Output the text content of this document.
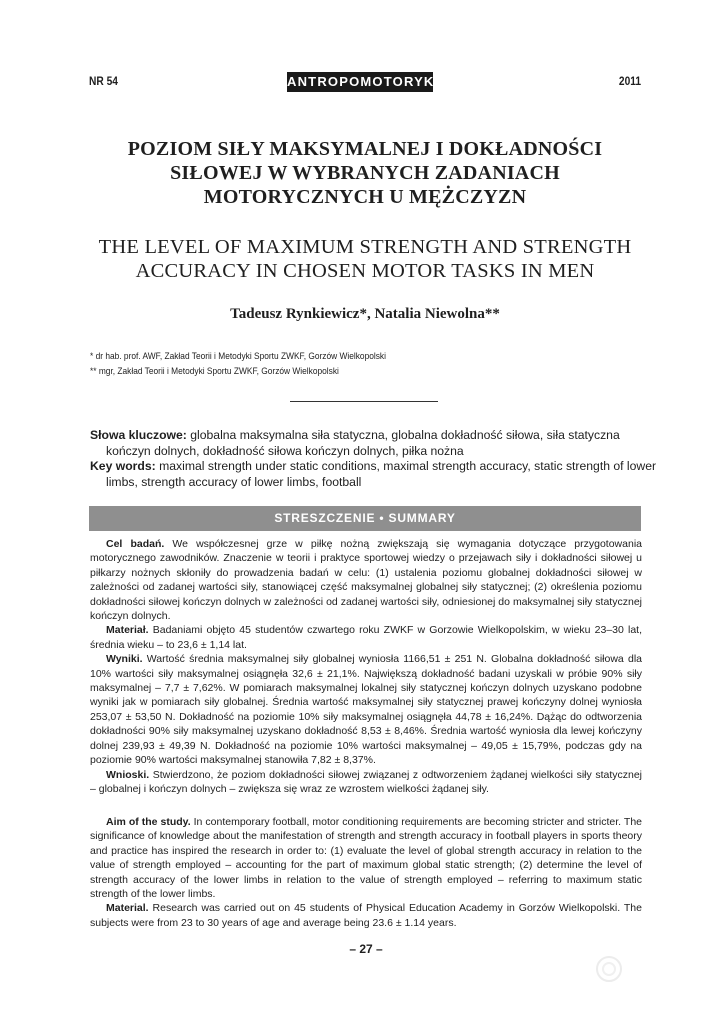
NR 54	ANTROPOMOTORYKA	2011
POZIOM SIŁY MAKSYMALNEJ I DOKŁADNOŚCI
SIŁOWEJ W WYBRANYCH ZADANIACH
MOTORYCZNYCH U MĘŻCZYZN
THE LEVEL OF MAXIMUM STRENGTH AND STRENGTH
ACCURACY IN CHOSEN MOTOR TASKS IN MEN
Tadeusz Rynkiewicz*, Natalia Niewolna**
* dr hab. prof. AWF, Zakład Teorii i Metodyki Sportu ZWKF, Gorzów Wielkopolski
** mgr, Zakład Teorii i Metodyki Sportu ZWKF, Gorzów Wielkopolski
Słowa kluczowe: globalna maksymalna siła statyczna, globalna dokładność siłowa, siła statyczna kończyn dolnych, dokładność siłowa kończyn dolnych, piłka nożna
Key words: maximal strength under static conditions, maximal strength accuracy, static strength of lower limbs, strength accuracy of lower limbs, football
STRESZCZENIE • SUMMARY

Cel badań. We współczesnej grze w piłkę nożną zwiększają się wymagania dotyczące przygotowania motorycznego zawodników. Znaczenie w teorii i praktyce sportowej wiedzy o przejawach siły i dokładności siłowej u piłkarzy nożnych skłoniły do prowadzenia badań w celu: (1) ustalenia poziomu globalnej dokładności siłowej w zależności od zadanej wartości siły, stanowiącej część maksymalnej globalnej siły statycznej; (2) określenia poziomu dokładności siłowej kończyn dolnych w zależności od zadanej wartości siły, odniesionej do maksymalnej siły statycznej kończyn dolnych.

Materiał. Badaniami objęto 45 studentów czwartego roku ZWKF w Gorzowie Wielkopolskim, w wieku 23–30 lat, średnia wieku – to 23,6 ± 1,14 lat.

Wyniki. Wartość średnia maksymalnej siły globalnej wyniosła 1166,51 ± 251 N. Globalna dokładność siłowa dla 10% wartości siły maksymalnej osiągnęła 32,6 ± 21,1%. Największą dokładność badani uzyskali w próbie 90% siły maksymalnej – 7,7 ± 7,62%. W pomiarach maksymalnej lokalnej siły statycznej kończyn dolnych uzyskano podobne wyniki jak w pomiarach siły globalnej. Średnia wartość maksymalnej siły statycznej prawej kończyny dolnej wyniosła 253,07 ± 53,50 N. Dokładność na poziomie 10% siły maksymalnej osiągnęła 44,78 ± 16,24%. Dążąc do odtworzenia dokładności 90% siły maksymalnej uzyskano dokładność 8,53 ± 8,46%. Średnia wartość wyniosła dla lewej kończyny dolnej 239,93 ± 49,39 N. Dokładność na poziomie 10% wartości maksymalnej – 49,05 ± 15,79%, podczas gdy na poziomie 90% wartości maksymalnej stanowiła 7,82 ± 8,37%.

Wnioski. Stwierdzono, że poziom dokładności siłowej związanej z odtworzeniem żądanej wielkości siły statycznej – globalnej i kończyn dolnych – zwiększa się wraz ze wzrostem wielkości żądanej siły.

Aim of the study. In contemporary football, motor conditioning requirements are becoming stricter and stricter. The significance of knowledge about the manifestation of strength and strength accuracy in football players in sports theory and practice has inspired the research in order to: (1) evaluate the level of global strength accuracy in relation to the value of strength employed – accounting for the part of maximum global static strength; (2) determine the level of strength accuracy of the lower limbs in relation to the value of strength employed – referring to maximum static strength of the lower limbs.

Material. Research was carried out on 45 students of Physical Education Academy in Gorzów Wielkopolski. The subjects were from 23 to 30 years of age and average being 23.6 ± 1.14 years.

– 27 –
